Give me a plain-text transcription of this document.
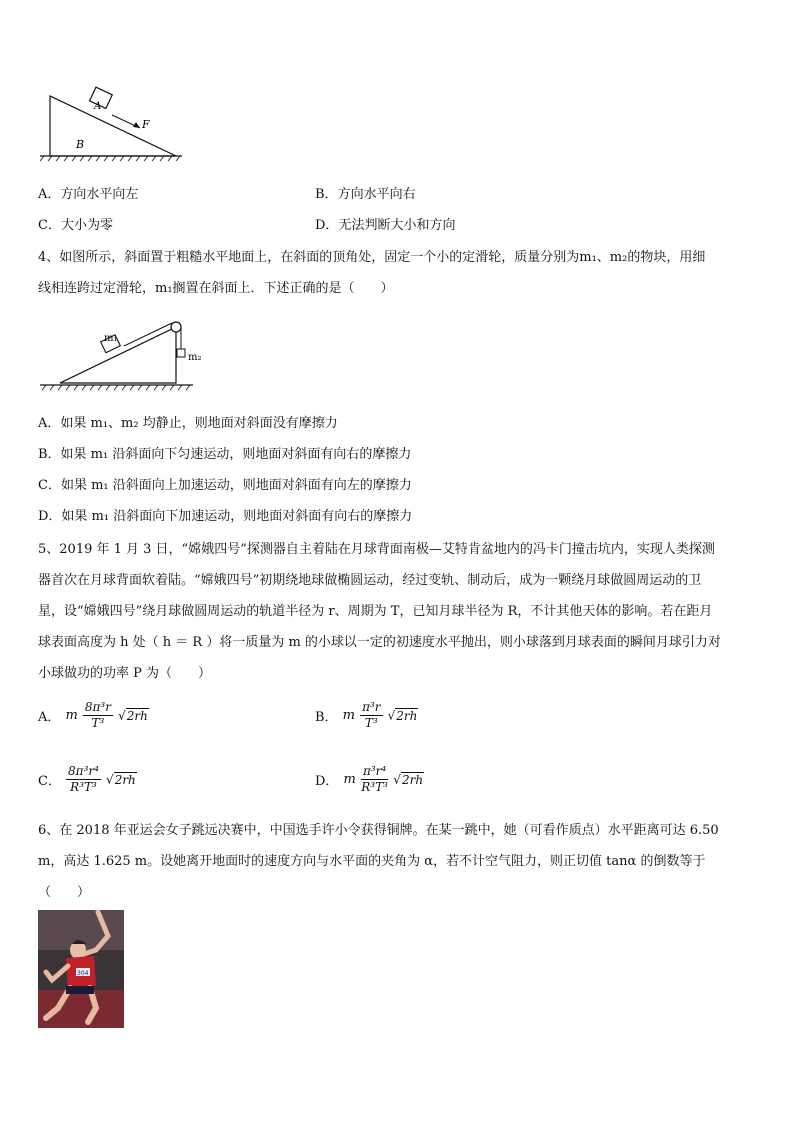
A
B
F
A．方向水平向左	B．方向水平向右
C．大小为零	D．无法判断大小和方向
4、如图所示，斜面置于粗糙水平地面上，在斜面的顶角处，固定一个小的定滑轮，质量分别为m₁、m₂的物块，用细
线相连跨过定滑轮，m₁搁置在斜面上．下述正确的是（　　）
m₁
m₂
A．如果 m₁、m₂ 均静止，则地面对斜面没有摩擦力
B．如果 m₁ 沿斜面向下匀速运动，则地面对斜面有向右的摩擦力
C．如果 m₁ 沿斜面向上加速运动，则地面对斜面有向左的摩擦力
D．如果 m₁ 沿斜面向下加速运动，则地面对斜面有向右的摩擦力
5、2019 年 1 月 3 日，“嫦娥四号”探测器自主着陆在月球背面南极—艾特肯盆地内的冯卡门撞击坑内，实现人类探测
器首次在月球背面软着陆。“嫦娥四号”初期绕地球做椭圆运动，经过变轨、制动后，成为一颗绕月球做圆周运动的卫
星，设“嫦娥四号”绕月球做圆周运动的轨道半径为 r、周期为 T，已知月球半径为 R，不计其他天体的影响。若在距月
球表面高度为 h 处（ h ＝ R ）将一质量为 m 的小球以一定的初速度水平抛出，则小球落到月球表面的瞬间月球引力对
小球做功的功率 P 为（　　）
A． m $\frac{\text{8π³r}}{\text{T³}} √2rh$	B． m $\frac{\text{π³r}}{\text{T³}} √2rh$
C． $\frac{\text{8π³r⁴}}{\text{R³T³}} √2rh$	D． m $\frac{\text{π³r⁴}}{\text{R³T³}} √2rh$
6、在 2018 年亚运会女子跳远决赛中，中国选手许小令获得铜牌。在某一跳中，她（可看作质点）水平距离可达 6.50
m，高达 1.625 m。设她离开地面时的速度方向与水平面的夹角为 α，若不计空气阻力，则正切值 tanα 的倒数等于
（　　）
304
